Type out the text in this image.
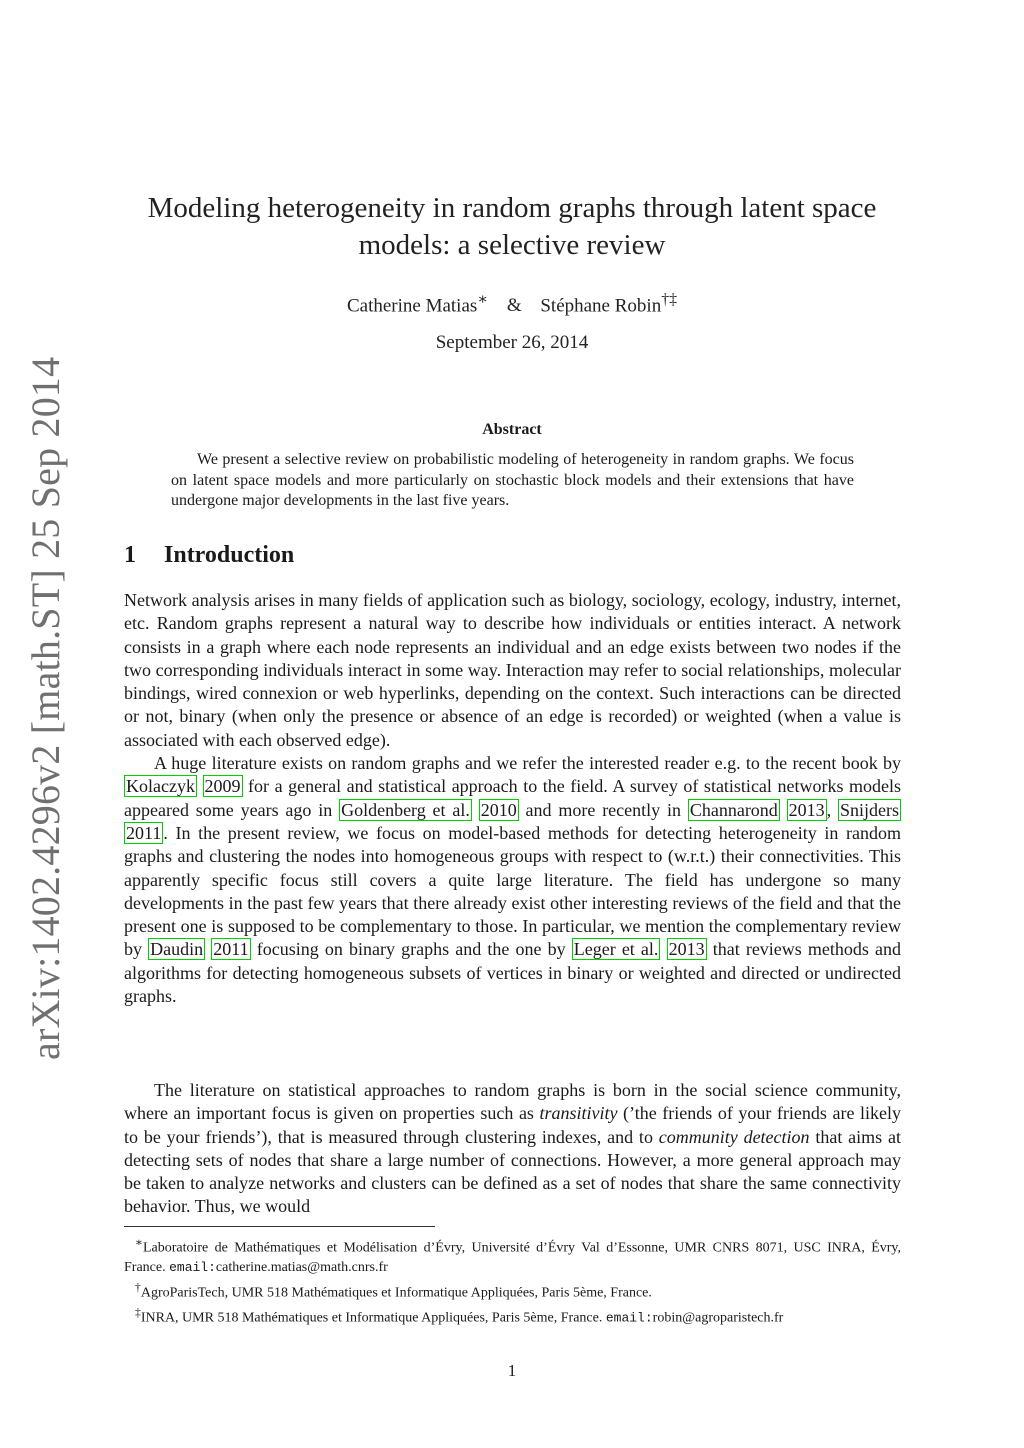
arXiv:1402.4296v2 [math.ST] 25 Sep 2014
Modeling heterogeneity in random graphs through latent space
models: a selective review
Catherine Matias∗ & Stéphane Robin†‡
September 26, 2014
Abstract
We present a selective review on probabilistic modeling of heterogeneity in random graphs. We focus on latent space models and more particularly on stochastic block models and their extensions that have undergone major developments in the last five years.
1 Introduction

Network analysis arises in many fields of application such as biology, sociology, ecology, industry, internet, etc. Random graphs represent a natural way to describe how individuals or entities interact. A network consists in a graph where each node represents an individual and an edge exists between two nodes if the two corresponding individuals interact in some way. Interaction may refer to social relationships, molecular bindings, wired connexion or web hyperlinks, depending on the context. Such interactions can be directed or not, binary (when only the presence or absence of an edge is recorded) or weighted (when a value is associated with each observed edge).

A huge literature exists on random graphs and we refer the interested reader e.g. to the recent book by Kolaczyk 2009 for a general and statistical approach to the field. A survey of statistical networks models appeared some years ago in Goldenberg et al. 2010 and more recently in Channarond 2013 , Snijders 2011 . In the present review, we focus on model-based methods for detecting heterogeneity in random graphs and clustering the nodes into homogeneous groups with respect to (w.r.t.) their connectivities. This apparently specific focus still covers a quite large literature. The field has undergone so many developments in the past few years that there already exist other interesting reviews of the field and that the present one is supposed to be complementary to those. In particular, we mention the complementary review by Daudin 2011 focusing on binary graphs and the one by Leger et al. 2013 that reviews methods and algorithms for detecting homogeneous subsets of vertices in binary or weighted and directed or undirected graphs.

The literature on statistical approaches to random graphs is born in the social science community, where an important focus is given on properties such as transitivity (’the friends of your friends are likely to be your friends’), that is measured through clustering indexes, and to community detection that aims at detecting sets of nodes that share a large number of connections. However, a more general approach may be taken to analyze networks and clusters can be defined as a set of nodes that share the same connectivity behavior. Thus, we would

∗Laboratoire de Mathématiques et Modélisation d’Évry, Université d’Évry Val d’Essonne, UMR CNRS 8071, USC INRA, Évry, France. email:catherine.matias@math.cnrs.fr

†AgroParisTech, UMR 518 Mathématiques et Informatique Appliquées, Paris 5ème, France.

‡INRA, UMR 518 Mathématiques et Informatique Appliquées, Paris 5ème, France. email:robin@agroparistech.fr

1
